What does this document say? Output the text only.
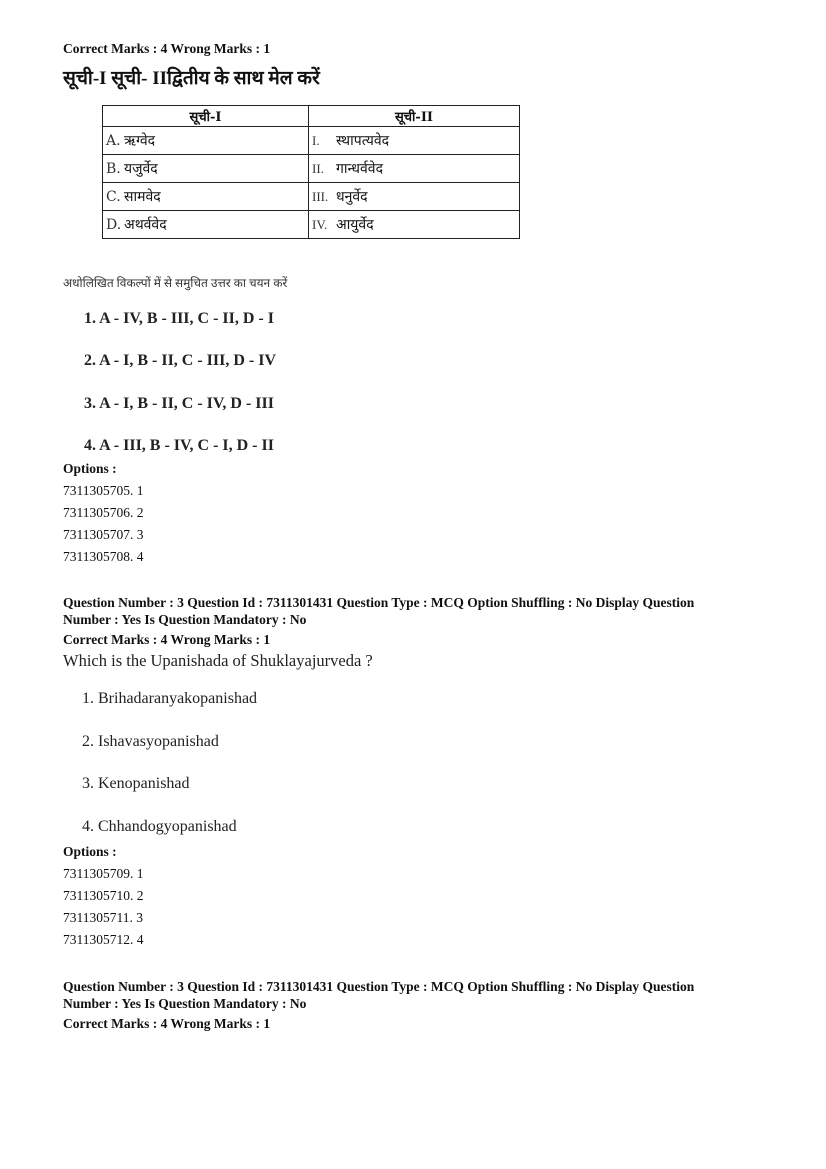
Correct Marks : 4 Wrong Marks : 1
सूची-I सूची- IIद्वितीय के साथ मेल करें
सूची-I	सूची-II
A. ऋग्वेद	I. स्थापत्यवेद
B. यजुर्वेद	II. गान्धर्ववेद
C. सामवेद	III. धनुर्वेद
D. अथर्ववेद	IV. आयुर्वेद
अधोलिखित विकल्पों में से समुचित उत्तर का चयन करें
1. A - IV, B - III, C - II, D - I
2. A - I, B - II, C - III, D - IV
3. A - I, B - II, C - IV, D - III
4. A - III, B - IV, C - I, D - II
Options :
7311305705. 1
7311305706. 2
7311305707. 3
7311305708. 4
Question Number : 3 Question Id : 7311301431 Question Type : MCQ Option Shuffling : No Display Question
Number : Yes Is Question Mandatory : No
Correct Marks : 4 Wrong Marks : 1
Which is the Upanishada of Shuklayajurveda ?
1. Brihadaranyakopanishad
2. Ishavasyopanishad
3. Kenopanishad
4. Chhandogyopanishad
Options :
7311305709. 1
7311305710. 2
7311305711. 3
7311305712. 4
Question Number : 3 Question Id : 7311301431 Question Type : MCQ Option Shuffling : No Display Question
Number : Yes Is Question Mandatory : No
Correct Marks : 4 Wrong Marks : 1
